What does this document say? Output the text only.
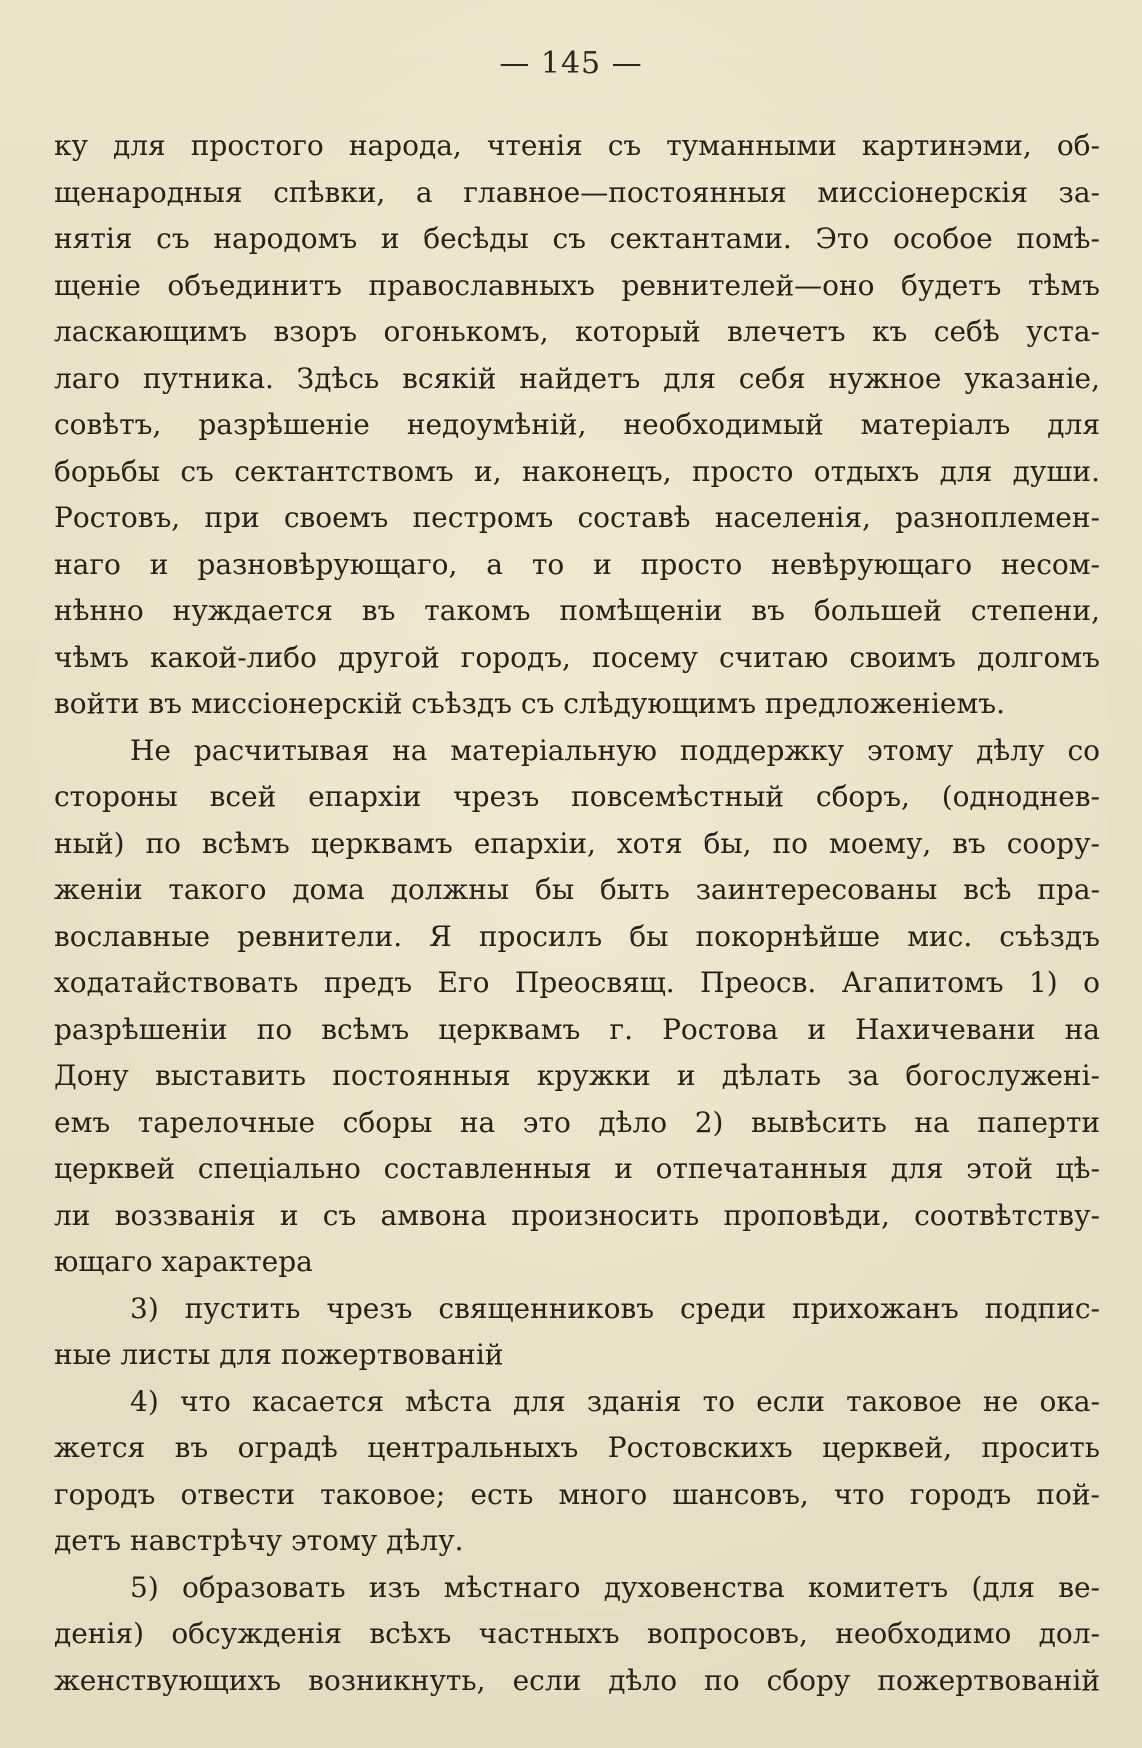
— 145 —
ку для простого народа, чтенія съ туманными картинэми, об-
щенародныя спѣвки, а главное—постоянныя миссіонерскія за-
нятія съ народомъ и бесѣды съ сектантами. Это особое помѣ-
щеніе объединитъ православныхъ ревнителей—оно будетъ тѣмъ
ласкающимъ взоръ огонькомъ, который влечетъ къ себѣ уста-
лаго путника. Здѣсь всякій найдетъ для себя нужное указаніе,
совѣтъ, разрѣшеніе недоумѣній, необходимый матеріалъ для
борьбы съ сектантствомъ и, наконецъ, просто отдыхъ для души.
Ростовъ, при своемъ пестромъ составѣ населенія, разноплемен-
наго и разновѣрующаго, а то и просто невѣрующаго несом-
нѣнно нуждается въ такомъ помѣщеніи въ большей степени,
чѣмъ какой-либо другой городъ, посему считаю своимъ долгомъ
войти въ миссіонерскій съѣздъ съ слѣдующимъ предложеніемъ.
Не расчитывая на матеріальную поддержку этому дѣлу со
стороны всей епархіи чрезъ повсемѣстный сборъ, (одноднев-
ный) по всѣмъ церквамъ епархіи, хотя бы, по моему, въ соору-
женіи такого дома должны бы быть заинтересованы всѣ пра-
вославные ревнители. Я просилъ бы покорнѣйше мис. съѣздъ
ходатайствовать предъ Его Преосвящ. Преосв. Агапитомъ 1) о
разрѣшеніи по всѣмъ церквамъ г. Ростова и Нахичевани на
Дону выставить постоянныя кружки и дѣлать за богослуженi-
емъ тарелочные сборы на это дѣло 2) вывѣсить на паперти
церквей спеціально составленныя и отпечатанныя для этой цѣ-
ли воззванія и съ амвона произносить проповѣди, соотвѣтству-
ющаго характера
3) пустить чрезъ священниковъ среди прихожанъ подпис-
ные листы для пожертвованій
4) что касается мѣста для зданія то если таковое не ока-
жется въ оградѣ центральныхъ Ростовскихъ церквей, просить
городъ отвести таковое; есть много шансовъ, что городъ пой-
детъ навстрѣчу этому дѣлу.
5) образовать изъ мѣстнаго духовенства комитетъ (для ве-
денія) обсужденія всѣхъ частныхъ вопросовъ, необходимо дол-
женствующихъ возникнуть, если дѣло по сбору пожертвованій
